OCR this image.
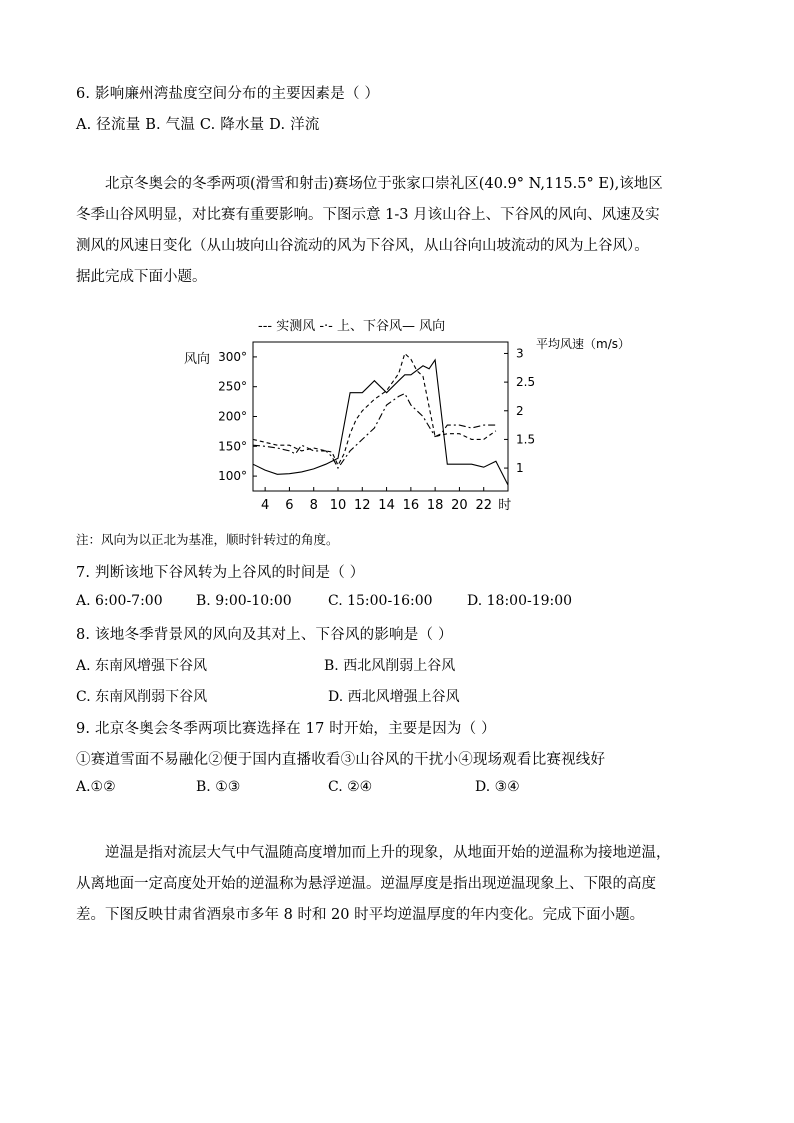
6. 影响廉州湾盐度空间分布的主要因素是（ ）
A. 径流量 B. 气温 C. 降水量 D. 洋流

北京冬奥会的冬季两项(滑雪和射击)赛场位于张家口崇礼区(40.9° N,115.5° E),该地区

冬季山谷风明显，对比赛有重要影响。下图示意 1-3 月该山谷上、下谷风的风向、风速及实

测风的风速日变化（从山坡向山谷流动的风为下谷风，从山谷向山坡流动的风为上谷风）。

据此完成下面小题。

--- 实测风 -·- 上、下谷风— 风向
风向
平均风速（m/s）
300°
250°
200°
150°
100°
3
2.5
2
1.5
1
4 6 8 10 12 14 16 18 20 22 时
注：风向为以正北为基准，顺时针转过的角度。
7. 判断该地下谷风转为上谷风的时间是（ ）
A. 6:00-7:00 B. 9:00-10:00	C. 15:00-16:00 D. 18:00-19:00
8. 该地冬季背景风的风向及其对上、下谷风的影响是（ ）
A. 东南风增强下谷风	B. 西北风削弱上谷风
C. 东南风削弱下谷风	D. 西北风增强上谷风
9. 北京冬奥会冬季两项比赛选择在 17 时开始，主要是因为（ ）
①赛道雪面不易融化②便于国内直播收看③山谷风的干扰小④现场观看比赛视线好
A.①②	B. ①③	C. ②④	D. ③④

逆温是指对流层大气中气温随高度增加而上升的现象，从地面开始的逆温称为接地逆温，

从离地面一定高度处开始的逆温称为悬浮逆温。逆温厚度是指出现逆温现象上、下限的高度

差。下图反映甘肃省酒泉市多年 8 时和 20 时平均逆温厚度的年内变化。完成下面小题。
